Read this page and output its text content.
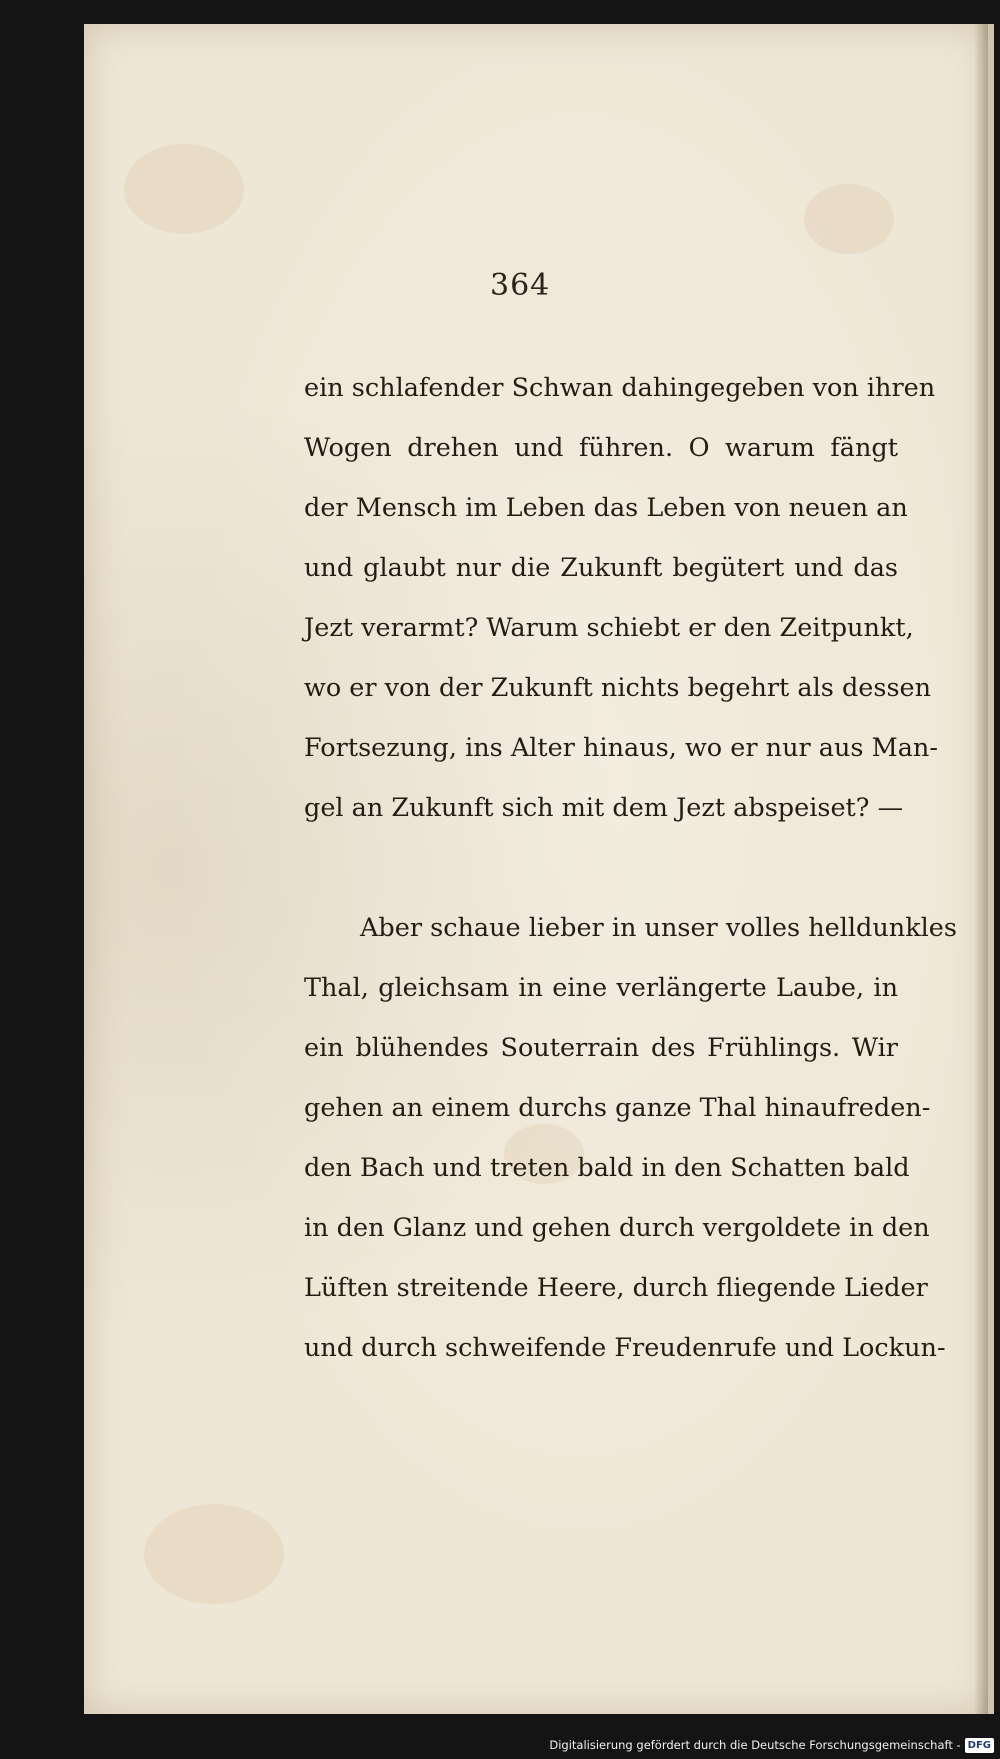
364
ein schlafender Schwan dahingegeben von ihren
Wogen drehen und führen. O warum fängt
der Mensch im Leben das Leben von neuen an
und glaubt nur die Zukunft begütert und das
Jezt verarmt? Warum schiebt er den Zeitpunkt,
wo er von der Zukunft nichts begehrt als dessen
Fortsezung, ins Alter hinaus, wo er nur aus Man-
gel an Zukunft sich mit dem Jezt abspeiset? —
Aber schaue lieber in unser volles helldunkles
Thal, gleichsam in eine verlängerte Laube, in
ein blühendes Souterrain des Frühlings. Wir
gehen an einem durchs ganze Thal hinaufreden-
den Bach und treten bald in den Schatten bald
in den Glanz und gehen durch vergoldete in den
Lüften streitende Heere, durch fliegende Lieder
und durch schweifende Freudenrufe und Lockun-
Digitalisierung gefördert durch die Deutsche Forschungsgemeinschaft - DFG
